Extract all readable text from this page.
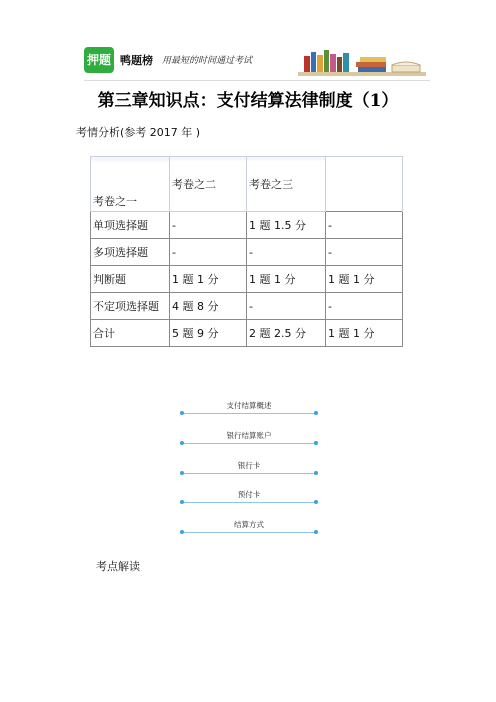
押题 鸭题榜 用最短的时间通过考试
第三章知识点：支付结算法律制度（1）
考情分析(参考 2017 年 )
考卷之一	考卷之二	考卷之三	
单项选择题	-	1 题 1.5 分	-
多项选择题	-	-	-
判断题	1 题 1 分	1 题 1 分	1 题 1 分
不定项选择题	4 题 8 分	-	-
合计	5 题 9 分	2 题 2.5 分	1 题 1 分
支付结算概述
银行结算账户
银行卡
预付卡
结算方式
考点解读
